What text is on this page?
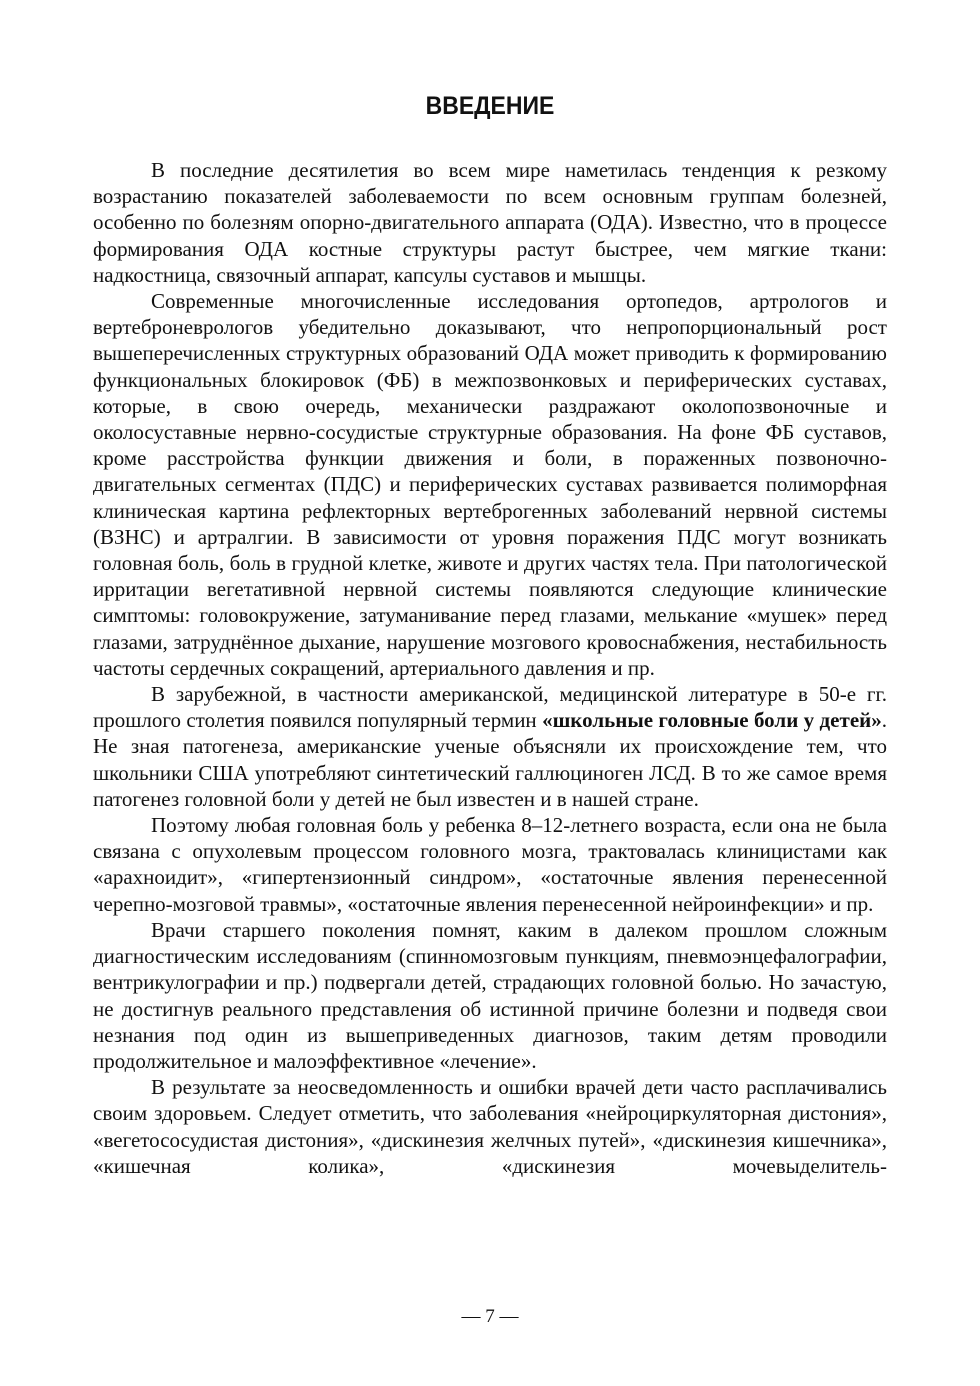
ВВЕДЕНИЕ

В последние десятилетия во всем мире наметилась тенденция к резкому возрастанию показателей заболеваемости по всем основным группам болезней, особенно по болезням опорно-двигательного аппарата (ОДА). Известно, что в процессе формирования ОДА костные структуры растут быстрее, чем мягкие ткани: надкостница, связочный аппарат, капсулы суставов и мышцы.

Современные многочисленные исследования ортопедов, артрологов и вертеброневрологов убедительно доказывают, что непропорциональный рост вышеперечисленных структурных образований ОДА может приводить к формированию функциональных блокировок (ФБ) в межпозвонковых и периферических суставах, которые, в свою очередь, механически раздражают околопозвоночные и околосуставные нервно-сосудистые структурные образования. На фоне ФБ суставов, кроме расстройства функции движения и боли, в пораженных позвоночно-двигательных сегментах (ПДС) и периферических суставах развивается полиморфная клиническая картина рефлекторных вертеброгенных заболеваний нервной системы (ВЗНС) и артралгии. В зависимости от уровня поражения ПДС могут возникать головная боль, боль в грудной клетке, животе и других частях тела. При патологической ирритации вегетативной нервной системы появляются следующие клинические симптомы: головокружение, затуманивание перед глазами, мелькание «мушек» перед глазами, затруднённое дыхание, нарушение мозгового кровоснабжения, нестабильность частоты сердечных сокращений, артериального давления и пр.

В зарубежной, в частности американской, медицинской литературе в 50-е гг. прошлого столетия появился популярный термин «школьные головные боли у детей». Не зная патогенеза, американские ученые объясняли их происхождение тем, что школьники США употребляют синтетический галлюциноген ЛСД. В то же самое время патогенез головной боли у детей не был известен и в нашей стране.

Поэтому любая головная боль у ребенка 8–12-летнего возраста, если она не была связана с опухолевым процессом головного мозга, трактовалась клиницистами как «арахноидит», «гипертензионный синдром», «остаточные явления перенесенной черепно-мозговой травмы», «остаточные явления перенесенной нейроинфекции» и пр.

Врачи старшего поколения помнят, каким в далеком прошлом сложным диагностическим исследованиям (спинномозговым пункциям, пневмоэнцефалографии, вентрикулографии и пр.) подвергали детей, страдающих головной болью. Но зачастую, не достигнув реального представления об истинной причине болезни и подведя свои незнания под один из вышеприведенных диагнозов, таким детям проводили продолжительное и малоэффективное «лечение».

В результате за неосведомленность и ошибки врачей дети часто расплачивались своим здоровьем. Следует отметить, что заболевания «нейроциркуляторная дистония», «вегетососудистая дистония», «дискинезия желчных путей», «дискинезия кишечника», «кишечная колика», «дискинезия мочевыделитель-

— 7 —
